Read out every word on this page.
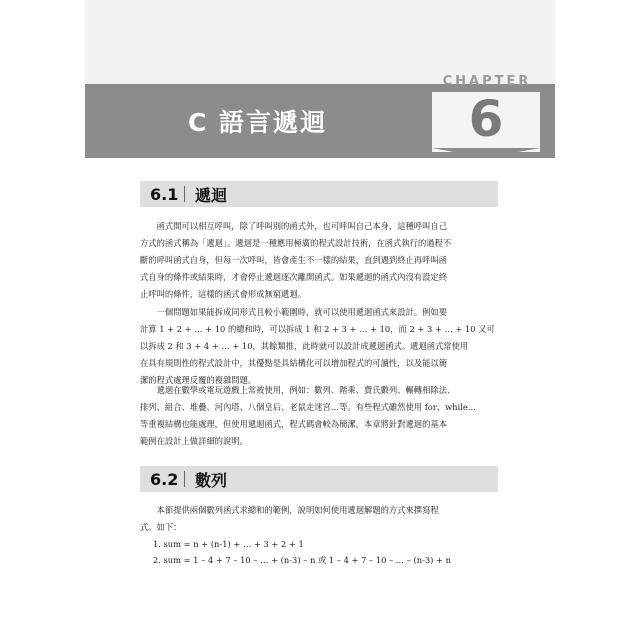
C 語言遞迴
CHAPTER
6
6.1	遞迴

函式間可以相互呼叫，除了呼叫別的函式外，也可呼叫自己本身，這種呼叫自己
方式的函式稱為「遞迴」。遞迴是一種應用極廣的程式設計技術，在函式執行的過程不
斷的呼叫函式自身，但每一次呼叫，皆會產生不一樣的結果，直到遇到終止再呼叫函
式自身的條件或結果時，才會停止遞迴逐次離開函式。如果遞迴的函式內沒有設定終
止呼叫的條件，這樣的函式會形成無窮遞迴。

一個問題如果能拆成同形式且較小範圍時，就可以使用遞迴函式來設計。例如要
計算 1 + 2 + … + 10 的總和時，可以拆成 1 和 2 + 3 + … + 10，而 2 + 3 + … + 10 又可
以拆成 2 和 3 + 4 + … + 10，其餘類推，此時就可以設計成遞迴函式。遞迴函式常使用
在具有規則性的程式設計中，其優點是具結構化可以增加程式的可讀性，以及能以簡
潔的程式處理反覆的複雜問題。

遞迴在數學或電玩遊戲上常被使用，例如：數列、階乘、費氏數列、輾轉相除法、
排列、組合、堆疊、河內塔、八個皇后、老鼠走迷宮…等。有些程式雖然使用 for、while…
等重複結構也能處理，但使用遞迴函式，程式碼會較為簡潔，本章將針對遞迴的基本
範例在設計上做詳細的說明。

6.2	數列

本節提供兩個數列函式求總和的範例，說明如何使用遞迴解題的方式來撰寫程
式。如下：

1. sum = n + (n-1) + … + 3 + 2 + 1

2. sum = 1 – 4 + 7 – 10 – … + (n-3) – n 或 1 – 4 + 7 – 10 – … – (n-3) + n
